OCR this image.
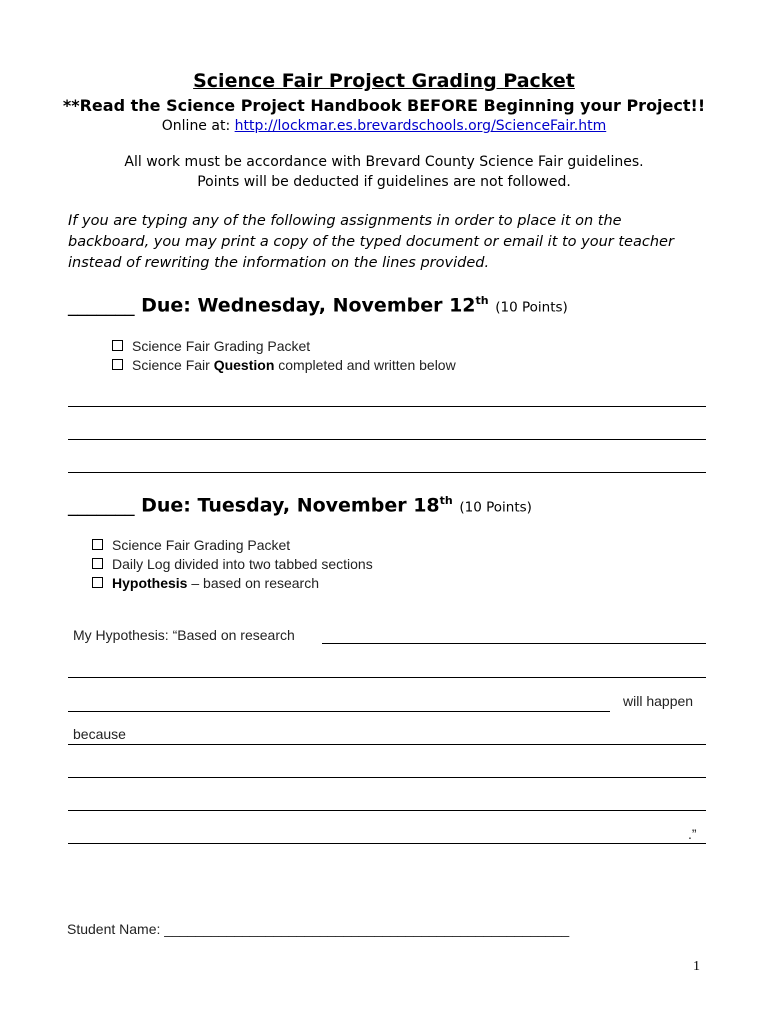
Science Fair Project Grading Packet
**Read the Science Project Handbook BEFORE Beginning your Project!!
Online at: http://lockmar.es.brevardschools.org/ScienceFair.htm
All work must be accordance with Brevard County Science Fair guidelines.
Points will be deducted if guidelines are not followed.
If you are typing any of the following assignments in order to place it on the
backboard, you may print a copy of the typed document or email it to your teacher
instead of rewriting the information on the lines provided.
_______ Due: Wednesday, November 12th (10 Points)
Science Fair Grading Packet
Science Fair Question completed and written below
_______ Due: Tuesday, November 18th (10 Points)
Science Fair Grading Packet
Daily Log divided into two tabbed sections
Hypothesis – based on research
My Hypothesis: “Based on research
will happen
because
.”
Student Name: ____________________________________________________
1
